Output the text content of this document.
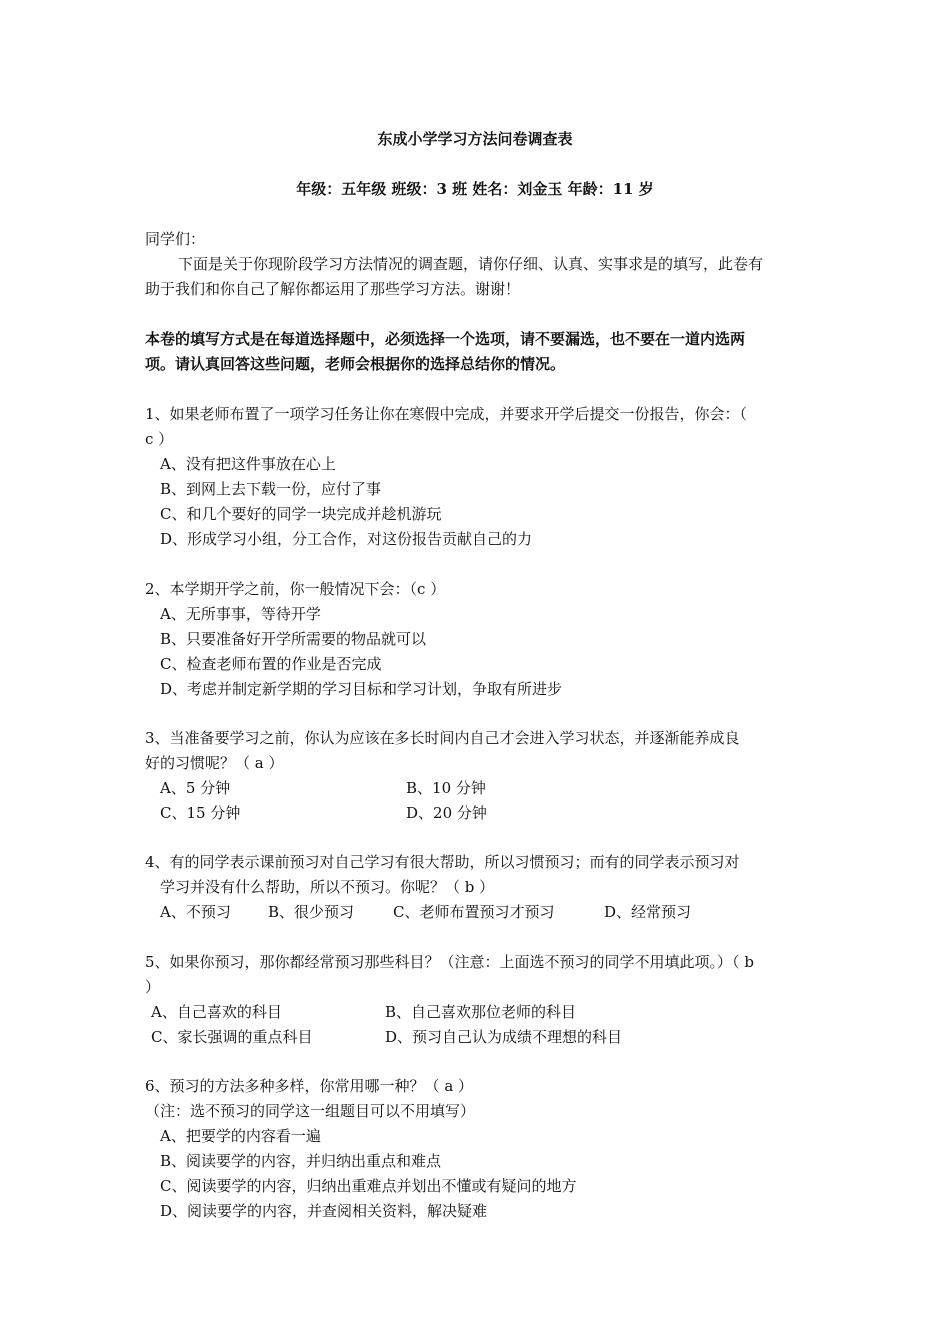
东成小学学习方法问卷调查表
年级：五年级 班级：3 班 姓名：刘金玉 年龄：11 岁
同学们：
下面是关于你现阶段学习方法情况的调查题，请你仔细、认真、实事求是的填写，此卷有
助于我们和你自己了解你都运用了那些学习方法。谢谢！
本卷的填写方式是在每道选择题中，必须选择一个选项，请不要漏选，也不要在一道内选两
项。请认真回答这些问题，老师会根据你的选择总结你的情况。
1、如果老师布置了一项学习任务让你在寒假中完成，并要求开学后提交一份报告，你会：（
c ）
A、没有把这件事放在心上
B、到网上去下载一份，应付了事
C、和几个要好的同学一块完成并趁机游玩
D、形成学习小组，分工合作，对这份报告贡献自己的力
2、本学期开学之前，你一般情况下会：（c ）
A、无所事事，等待开学
B、只要准备好开学所需要的物品就可以
C、检查老师布置的作业是否完成
D、考虑并制定新学期的学习目标和学习计划，争取有所进步
3、当准备要学习之前，你认为应该在多长时间内自己才会进入学习状态，并逐渐能养成良
好的习惯呢？（ a ）
A、5 分钟	B、10 分钟
C、15 分钟	D、20 分钟
4、有的同学表示课前预习对自己学习有很大帮助，所以习惯预习；而有的同学表示预习对
学习并没有什么帮助，所以不预习。你呢？（ b ）
A、不预习 B、很少预习	C、老师布置预习才预习	D、经常预习
5、如果你预习，那你都经常预习那些科目？（注意：上面选不预习的同学不用填此项。）（ b
）
A、自己喜欢的科目	B、自己喜欢那位老师的科目
C、家长强调的重点科目	D、预习自己认为成绩不理想的科目
6、预习的方法多种多样，你常用哪一种？（ a ）
（注：选不预习的同学这一组题目可以不用填写）
A、把要学的内容看一遍
B、阅读要学的内容，并归纳出重点和难点
C、阅读要学的内容，归纳出重难点并划出不懂或有疑问的地方
D、阅读要学的内容，并查阅相关资料，解决疑难
